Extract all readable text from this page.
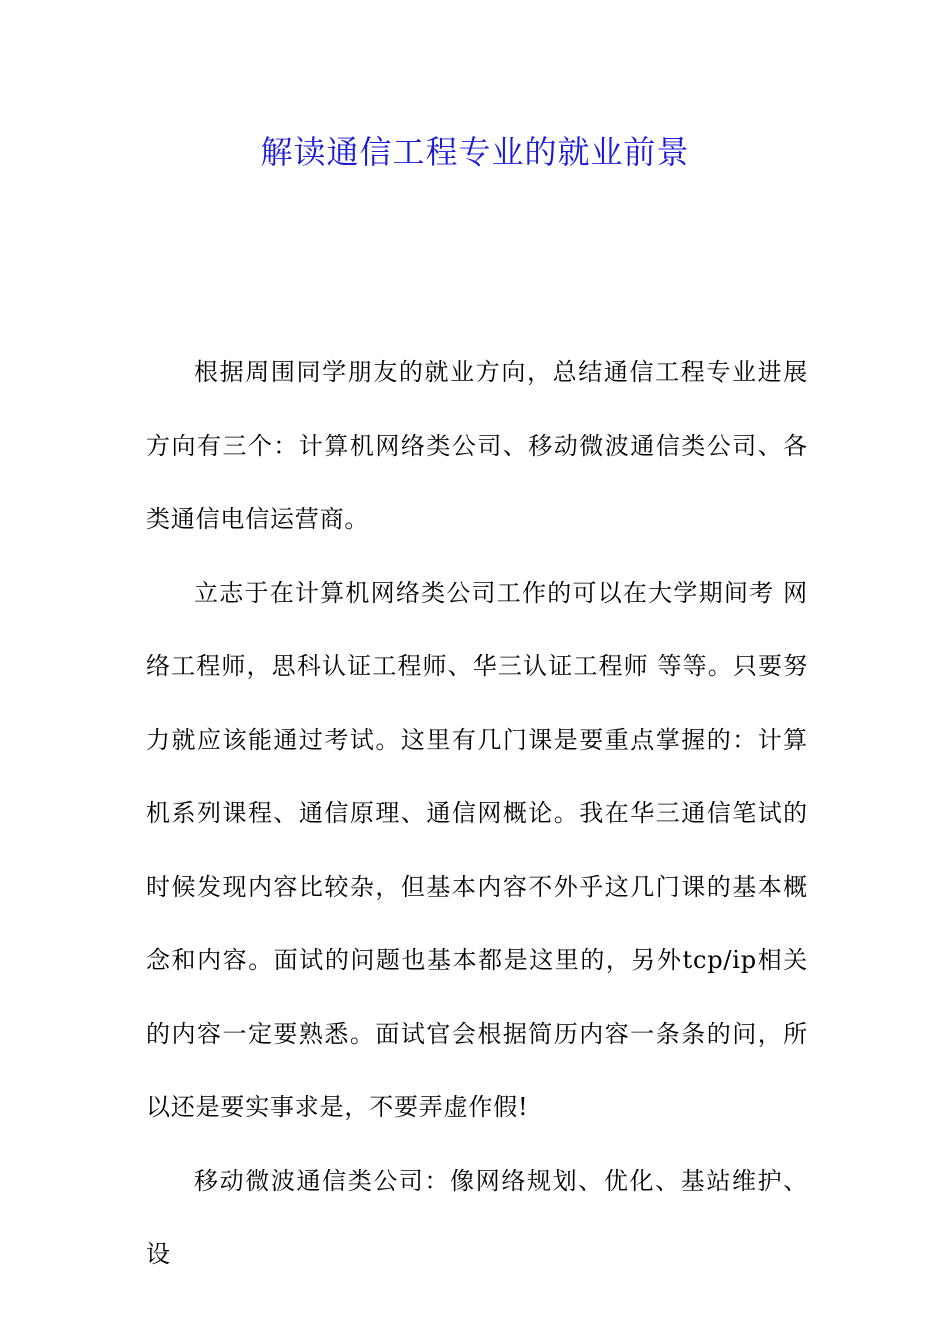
解读通信工程专业的就业前景

根据周围同学朋友的就业方向，总结通信工程专业进展方向有三个：计算机网络类公司、移动微波通信类公司、各类通信电信运营商。

立志于在计算机网络类公司工作的可以在大学期间考 网络工程师，思科认证工程师、华三认证工程师 等等。只要努力就应该能通过考试。这里有几门课是要重点掌握的：计算机系列课程、通信原理、通信网概论。我在华三通信笔试的时候发现内容比较杂，但基本内容不外乎这几门课的基本概念和内容。面试的问题也基本都是这里的，另外tcp/ip相关的内容一定要熟悉。面试官会根据简历内容一条条的问，所以还是要实事求是，不要弄虚作假!

移动微波通信类公司：像网络规划、优化、基站维护、设
